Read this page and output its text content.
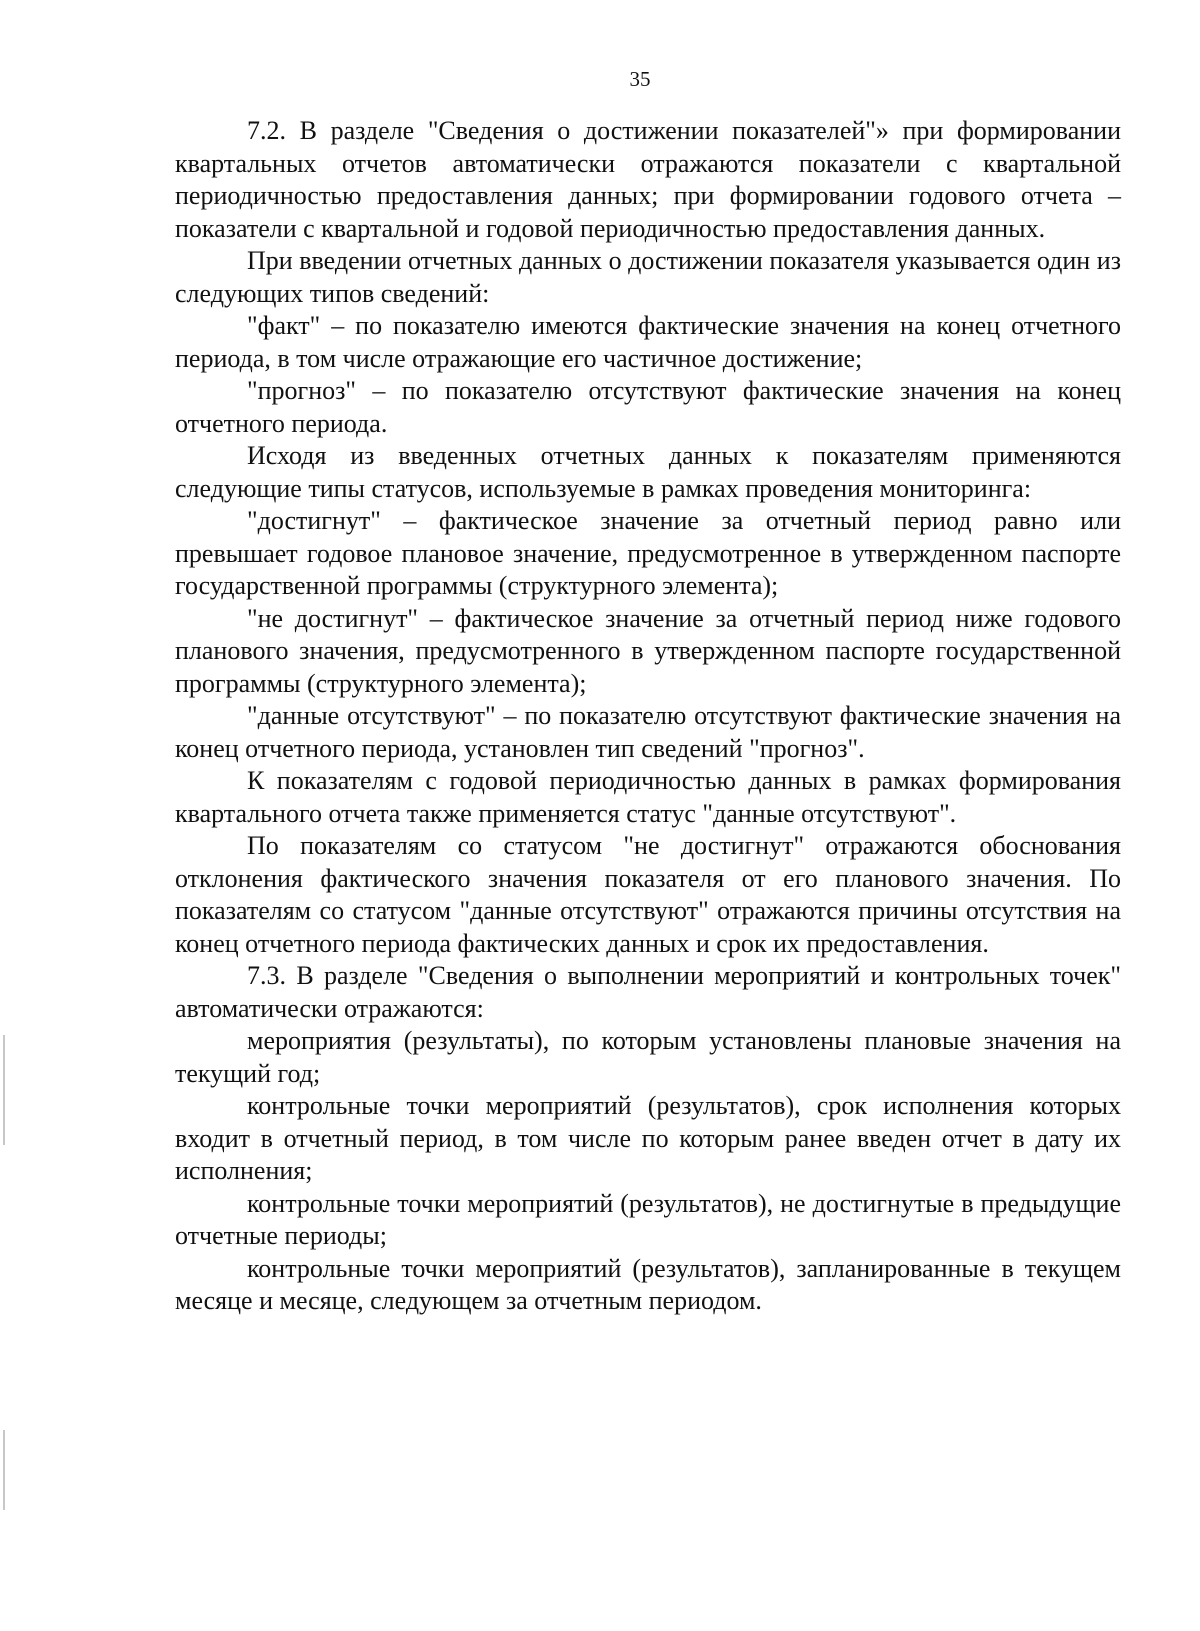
35

7.2. В разделе "Сведения о достижении показателей"» при формировании квартальных отчетов автоматически отражаются показатели с квартальной периодичностью предоставления данных; при формировании годового отчета – показатели с квартальной и годовой периодичностью предоставления данных.

При введении отчетных данных о достижении показателя указывается один из следующих типов сведений:

"факт" – по показателю имеются фактические значения на конец отчетного периода, в том числе отражающие его частичное достижение;

"прогноз" – по показателю отсутствуют фактические значения на конец отчетного периода.

Исходя из введенных отчетных данных к показателям применяются следующие типы статусов, используемые в рамках проведения мониторинга:

"достигнут" – фактическое значение за отчетный период равно или превышает годовое плановое значение, предусмотренное в утвержденном паспорте государственной программы (структурного элемента);

"не достигнут" – фактическое значение за отчетный период ниже годового планового значения, предусмотренного в утвержденном паспорте государственной программы (структурного элемента);

"данные отсутствуют" – по показателю отсутствуют фактические значения на конец отчетного периода, установлен тип сведений "прогноз".

К показателям с годовой периодичностью данных в рамках формирования квартального отчета также применяется статус "данные отсутствуют".

По показателям со статусом "не достигнут" отражаются обоснования отклонения фактического значения показателя от его планового значения. По показателям со статусом "данные отсутствуют" отражаются причины отсутствия на конец отчетного периода фактических данных и срок их предоставления.

7.3. В разделе "Сведения о выполнении мероприятий и контрольных точек" автоматически отражаются:

мероприятия (результаты), по которым установлены плановые значения на текущий год;

контрольные точки мероприятий (результатов), срок исполнения которых входит в отчетный период, в том числе по которым ранее введен отчет в дату их исполнения;

контрольные точки мероприятий (результатов), не достигнутые в предыдущие отчетные периоды;

контрольные точки мероприятий (результатов), запланированные в текущем месяце и месяце, следующем за отчетным периодом.
